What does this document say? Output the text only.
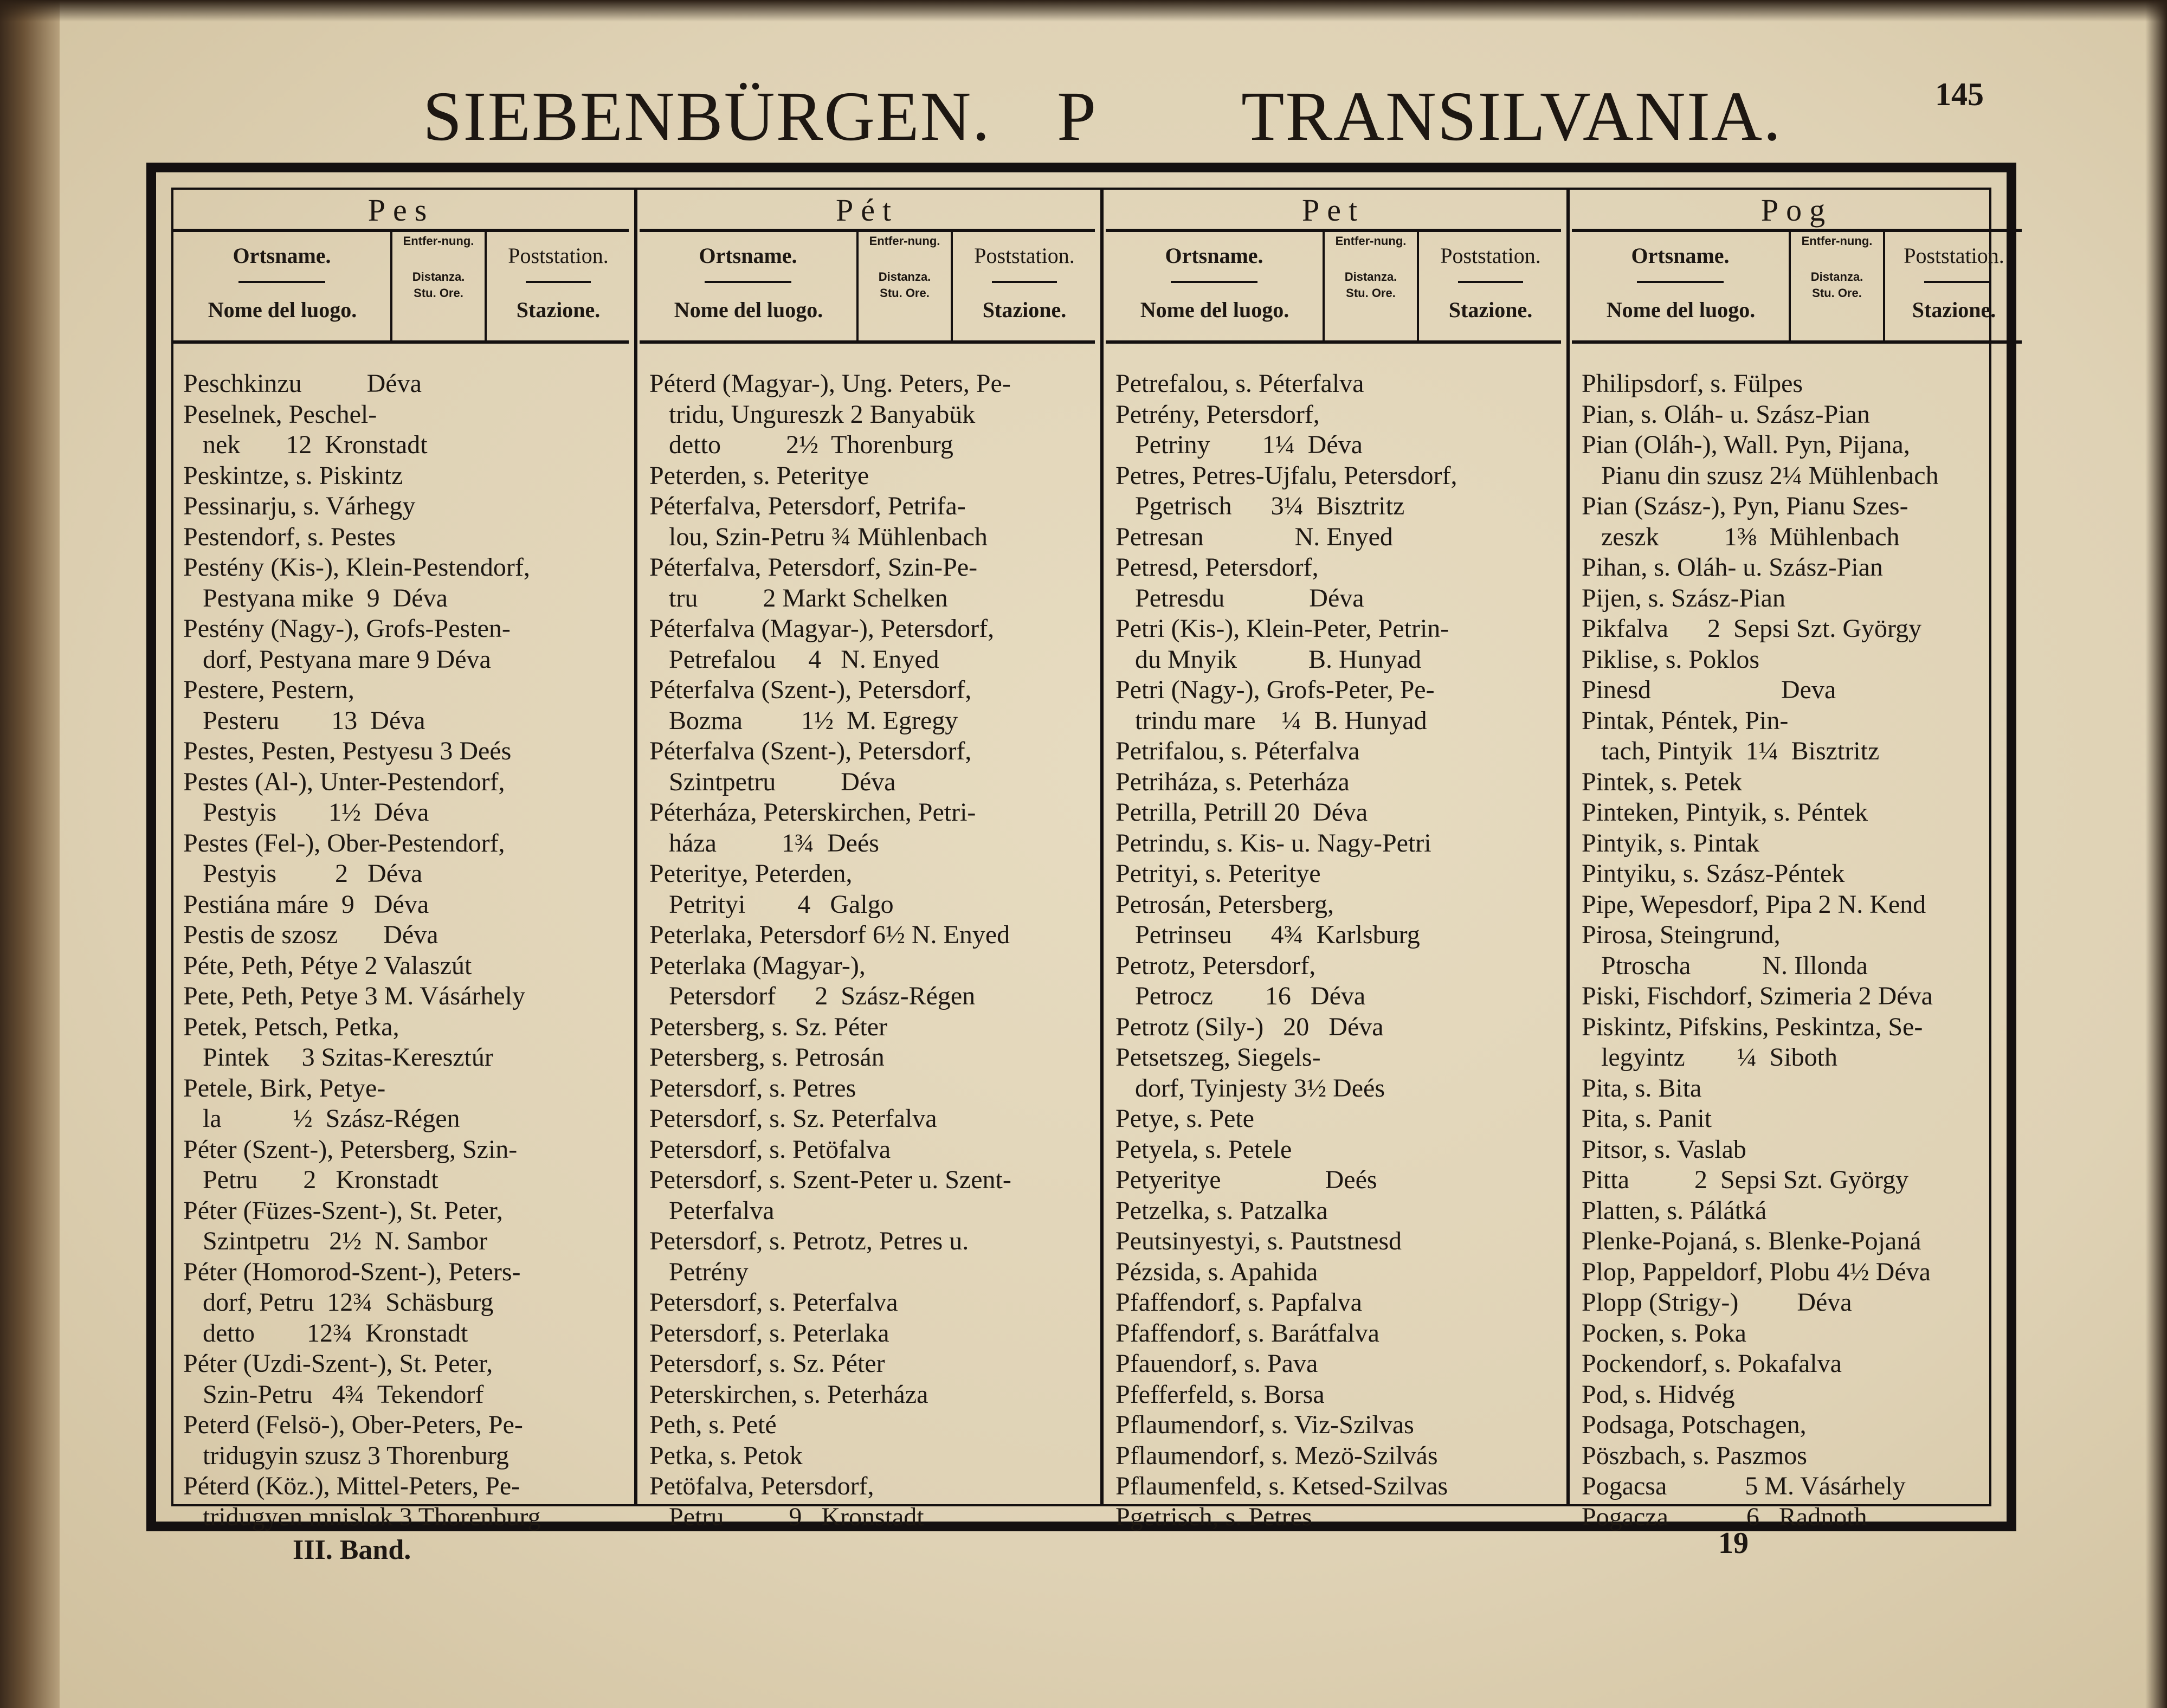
SIEBENBÜRGEN. P TRANSILVANIA.	145
Pes
Ortsname.
Nome del luogo.
Entfer-nung.
Distanza.
Stu. Ore.
Poststation.
Stazione.
Peschkinzu          Déva
Peselnek, Peschel-
nek       12  Kronstadt
Peskintze, s. Piskintz
Pessinarju, s. Várhegy
Pestendorf, s. Pestes
Pestény (Kis-), Klein-Pestendorf,
Pestyana mike  9  Déva
Pestény (Nagy-), Grofs-Pesten-
dorf, Pestyana mare 9 Déva
Pestere, Pestern,
Pesteru        13  Déva
Pestes, Pesten, Pestyesu 3 Deés
Pestes (Al-), Unter-Pestendorf,
Pestyis        1½  Déva
Pestes (Fel-), Ober-Pestendorf,
Pestyis         2   Déva
Pestiána máre  9   Déva
Pestis de szosz       Déva
Péte, Peth, Pétye 2 Valaszút
Pete, Peth, Petye 3 M. Vásárhely
Petek, Petsch, Petka,
Pintek     3 Szitas-Keresztúr
Petele, Birk, Petye-
la           ½  Szász-Régen
Péter (Szent-), Petersberg, Szin-
Petru       2   Kronstadt
Péter (Füzes-Szent-), St. Peter,
Szintpetru   2½  N. Sambor
Péter (Homorod-Szent-), Peters-
dorf, Petru  12¾  Schäsburg
detto        12¾  Kronstadt
Péter (Uzdi-Szent-), St. Peter,
Szin-Petru   4¾  Tekendorf
Peterd (Felsö-), Ober-Peters, Pe-
tridugyin szusz 3 Thorenburg
Péterd (Köz.), Mittel-Peters, Pe-
tridugyen mnislok 3 Thorenburg
Pét
Ortsname.
Nome del luogo.
Entfer-nung.
Distanza.
Stu. Ore.
Poststation.
Stazione.
Péterd (Magyar-), Ung. Peters, Pe-
tridu, Ungureszk 2 Banyabük
detto          2½  Thorenburg
Peterden, s. Peteritye
Péterfalva, Petersdorf, Petrifa-
lou, Szin-Petru ¾ Mühlenbach
Péterfalva, Petersdorf, Szin-Pe-
tru          2 Markt Schelken
Péterfalva (Magyar-), Petersdorf,
Petrefalou     4   N. Enyed
Péterfalva (Szent-), Petersdorf,
Bozma         1½  M. Egregy
Péterfalva (Szent-), Petersdorf,
Szintpetru          Déva
Péterháza, Peterskirchen, Petri-
háza          1¾  Deés
Peteritye, Peterden,
Petrityi        4   Galgo
Peterlaka, Petersdorf 6½ N. Enyed
Peterlaka (Magyar-),
Petersdorf      2  Szász-Régen
Petersberg, s. Sz. Péter
Petersberg, s. Petrosán
Petersdorf, s. Petres
Petersdorf, s. Sz. Peterfalva
Petersdorf, s. Petöfalva
Petersdorf, s. Szent-Peter u. Szent-
Peterfalva
Petersdorf, s. Petrotz, Petres u.
Petrény
Petersdorf, s. Peterfalva
Petersdorf, s. Peterlaka
Petersdorf, s. Sz. Péter
Peterskirchen, s. Peterháza
Peth, s. Peté
Petka, s. Petok
Petöfalva, Petersdorf,
Petru          9   Kronstadt
Pet
Ortsname.
Nome del luogo.
Entfer-nung.
Distanza.
Stu. Ore.
Poststation.
Stazione.
Petrefalou, s. Péterfalva
Petrény, Petersdorf,
Petriny        1¼  Déva
Petres, Petres-Ujfalu, Petersdorf,
Pgetrisch      3¼  Bisztritz
Petresan              N. Enyed
Petresd, Petersdorf,
Petresdu             Déva
Petri (Kis-), Klein-Peter, Petrin-
du Mnyik           B. Hunyad
Petri (Nagy-), Grofs-Peter, Pe-
trindu mare    ¼  B. Hunyad
Petrifalou, s. Péterfalva
Petriháza, s. Peterháza
Petrilla, Petrill 20  Déva
Petrindu, s. Kis- u. Nagy-Petri
Petrityi, s. Peteritye
Petrosán, Petersberg,
Petrinseu      4¾  Karlsburg
Petrotz, Petersdorf,
Petrocz        16   Déva
Petrotz (Sily-)   20   Déva
Petsetszeg, Siegels-
dorf, Tyinjesty 3½ Deés
Petye, s. Pete
Petyela, s. Petele
Petyeritye                Deés
Petzelka, s. Patzalka
Peutsinyestyi, s. Pautstnesd
Pézsida, s. Apahida
Pfaffendorf, s. Papfalva
Pfaffendorf, s. Barátfalva
Pfauendorf, s. Pava
Pfefferfeld, s. Borsa
Pflaumendorf, s. Viz-Szilvas
Pflaumendorf, s. Mezö-Szilvás
Pflaumenfeld, s. Ketsed-Szilvas
Pgetrisch, s. Petres
Pog
Ortsname.
Nome del luogo.
Entfer-nung.
Distanza.
Stu. Ore.
Poststation.
Stazione.
Philipsdorf, s. Fülpes
Pian, s. Oláh- u. Szász-Pian
Pian (Oláh-), Wall. Pyn, Pijana,
Pianu din szusz 2¼ Mühlenbach
Pian (Szász-), Pyn, Pianu Szes-
zeszk          1⅜  Mühlenbach
Pihan, s. Oláh- u. Szász-Pian
Pijen, s. Szász-Pian
Pikfalva      2  Sepsi Szt. György
Piklise, s. Poklos
Pinesd                    Deva
Pintak, Péntek, Pin-
tach, Pintyik  1¼  Bisztritz
Pintek, s. Petek
Pinteken, Pintyik, s. Péntek
Pintyik, s. Pintak
Pintyiku, s. Szász-Péntek
Pipe, Wepesdorf, Pipa 2 N. Kend
Pirosa, Steingrund,
Ptroscha           N. Illonda
Piski, Fischdorf, Szimeria 2 Déva
Piskintz, Pifskins, Peskintza, Se-
legyintz        ¼  Siboth
Pita, s. Bita
Pita, s. Panit
Pitsor, s. Vaslab
Pitta          2  Sepsi Szt. György
Platten, s. Pálátká
Plenke-Pojaná, s. Blenke-Pojaná
Plop, Pappeldorf, Plobu 4½ Déva
Plopp (Strigy-)         Déva
Pocken, s. Poka
Pockendorf, s. Pokafalva
Pod, s. Hidvég
Podsaga, Potschagen,
Pöszbach, s. Paszmos
Pogacsa            5 M. Vásárhely
Pogacza            6   Radnoth
III. Band.	19
